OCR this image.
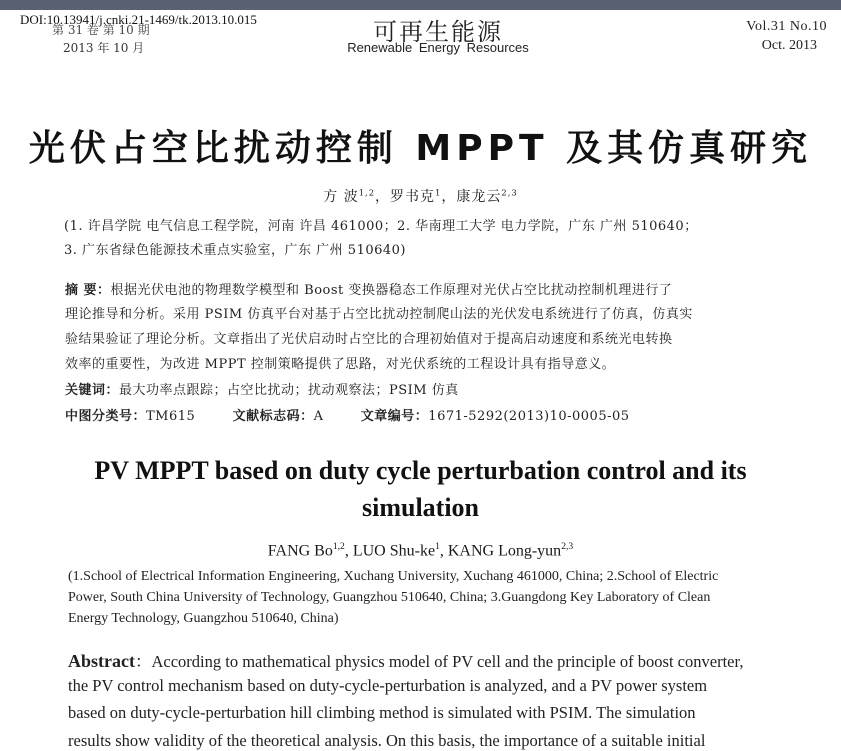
DOI:10.13941/j.cnki.21-1469/tk.2013.10.015
第 31 卷 第 10 期
2013 年 10 月
可再生能源
Renewable Energy Resources
Vol.31 No.10
Oct. 2013
光伏占空比扰动控制 MPPT 及其仿真研究
方 波$^{1,2}$，罗书克$^1$，康龙云$^{2,3}$
(1. 许昌学院 电气信息工程学院，河南 许昌 461000；2. 华南理工大学 电力学院，广东 广州 510640；
3. 广东省绿色能源技术重点实验室，广东 广州 510640)
摘 要：根据光伏电池的物理数学模型和 Boost 变换器稳态工作原理对光伏占空比扰动控制机理进行了
理论推导和分析。采用 PSIM 仿真平台对基于占空比扰动控制爬山法的光伏发电系统进行了仿真，仿真实
验结果验证了理论分析。文章指出了光伏启动时占空比的合理初始值对于提高启动速度和系统光电转换
效率的重要性，为改进 MPPT 控制策略提供了思路，对光伏系统的工程设计具有指导意义。
关键词：最大功率点跟踪；占空比扰动；扰动观察法；PSIM 仿真
中图分类号：TM615	文献标志码：A	文章编号：1671-5292(2013)10-0005-05
PV MPPT based on duty cycle perturbation control and its simulation
FANG Bo$^{1,2}$, LUO Shu-$ke^1$, KANG Long-yun$^{2,3}$
(1.School of Electrical Information Engineering, Xuchang University, Xuchang 461000, China; 2.School of Electric
Power, South China University of Technology, Guangzhou 510640, China; 3.Guangdong Key Laboratory of Clean
Energy Technology, Guangzhou 510640, China)
Abstract：According to mathematical physics model of PV cell and the principle of boost converter,
the PV control mechanism based on duty-cycle-perturbation is analyzed, and a PV power system
based on duty-cycle-perturbation hill climbing method is simulated with PSIM. The simulation
results show validity of the theoretical analysis. On this basis, the importance of a suitable initial
